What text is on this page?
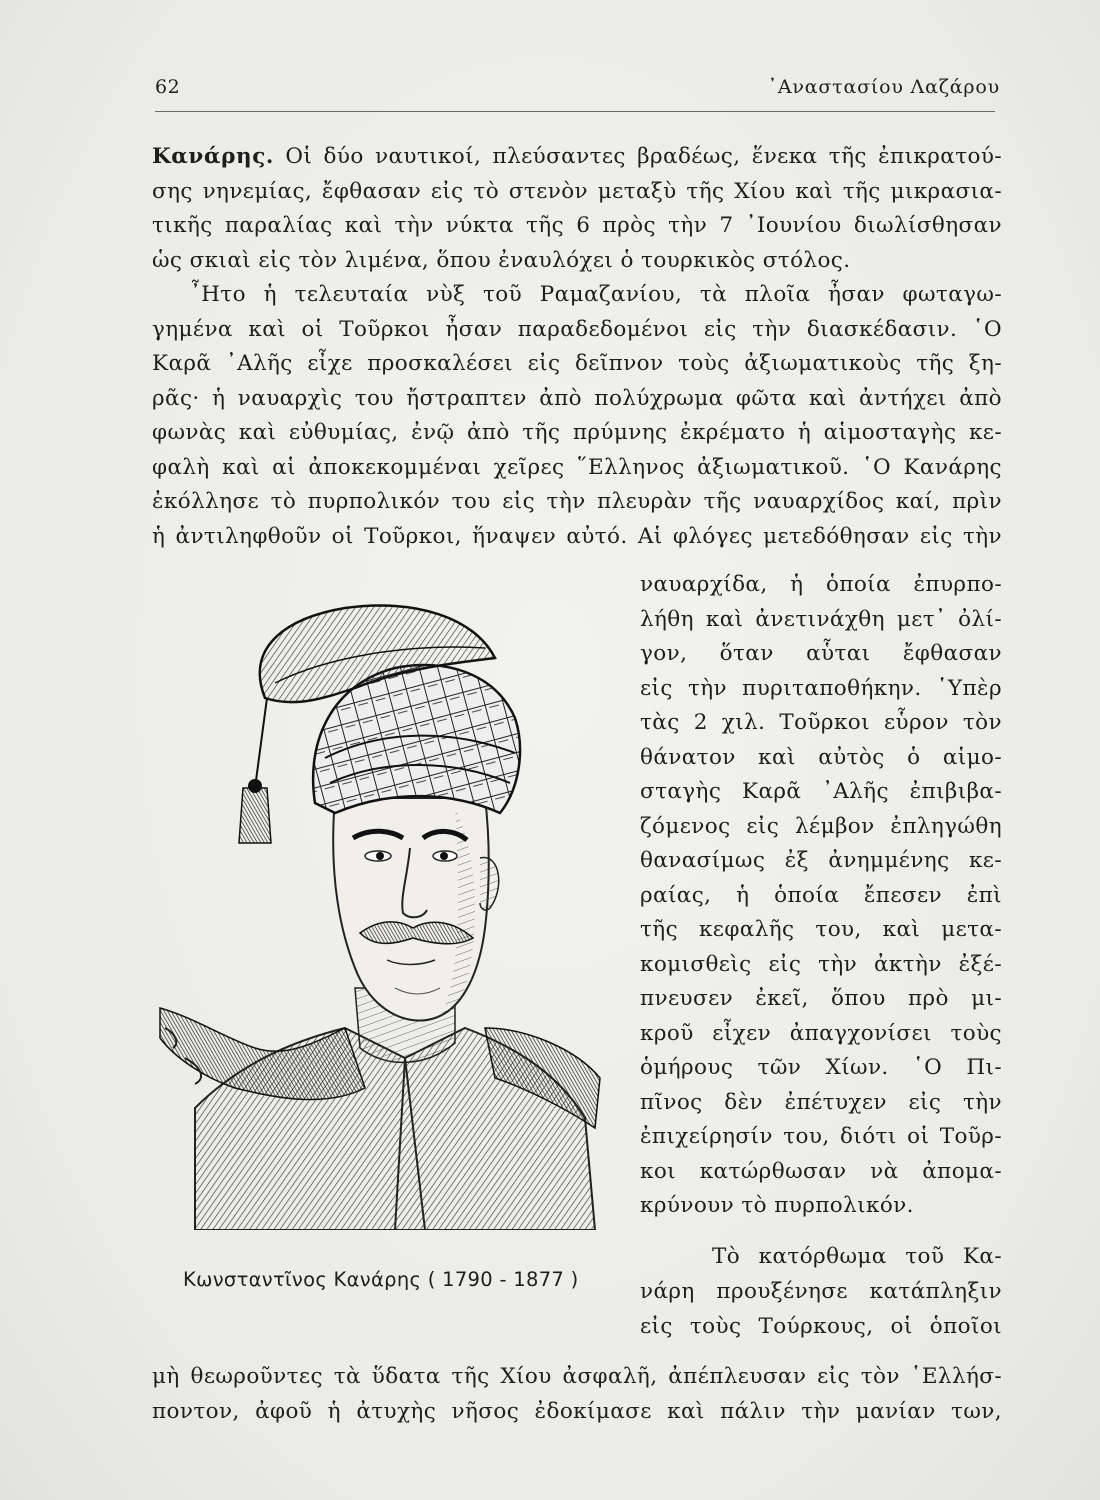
62	᾿Αναστασίου Λαζάρου
Κανάρης. Οἱ δύο ναυτικοί, πλεύσαντες βραδέως, ἕνεκα τῆς ἐπικρατού-
σης νηνεμίας, ἔφθασαν εἰς τὸ στενὸν μεταξὺ τῆς Χίου καὶ τῆς μικρασια-
τικῆς παραλίας καὶ τὴν νύκτα τῆς 6 πρὸς τὴν 7 ᾿Ιουνίου διωλίσθησαν
ὡς σκιαὶ εἰς τὸν λιμένα, ὅπου ἐναυλόχει ὁ τουρκικὸς στόλος.
῏Ητο ἡ τελευταία νὺξ τοῦ Ραμαζανίου, τὰ πλοῖα ἦσαν φωταγω-
γημένα καὶ οἱ Τοῦρκοι ἦσαν παραδεδομένοι εἰς τὴν διασκέδασιν. ῾Ο
Καρᾶ ᾿Αλῆς εἶχε προσκαλέσει εἰς δεῖπνον τοὺς ἀξιωματικοὺς τῆς ξη-
ρᾶς· ἡ ναυαρχὶς του ἤστραπτεν ἀπὸ πολύχρωμα φῶτα καὶ ἀντήχει ἀπὸ
φωνὰς καὶ εὐθυμίας, ἐνῷ ἀπὸ τῆς πρύμνης ἐκρέματο ἡ αἱμοσταγὴς κε-
φαλὴ καὶ αἱ ἀποκεκομμέναι χεῖρες ῞Ελληνος ἀξιωματικοῦ. ῾Ο Κανάρης
ἐκόλλησε τὸ πυρπολικόν του εἰς τὴν πλευρὰν τῆς ναυαρχίδος καί, πρὶν
ἡ ἀντιληφθοῦν οἱ Τοῦρκοι, ἥναψεν αὐτό. Αἱ φλόγες μετεδόθησαν εἰς τὴν
ναυαρχίδα, ἡ ὁποία ἐπυρπο-
λήθη καὶ ἀνετινάχθη μετ᾿ ὀλί-
γον, ὅταν αὗται ἔφθασαν
εἰς τὴν πυριταποθήκην. ῾Υπὲρ
τὰς 2 χιλ. Τοῦρκοι εὗρον τὸν
θάνατον καὶ αὐτὸς ὁ αἱμο-
σταγὴς Καρᾶ ᾿Αλῆς ἐπιβιβα-
ζόμενος εἰς λέμβον ἐπληγώθη
θανασίμως ἐξ ἀνημμένης κε-
ραίας, ἡ ὁποία ἔπεσεν ἐπὶ
τῆς κεφαλῆς του, καὶ μετα-
κομισθεὶς εἰς τὴν ἀκτὴν ἐξέ-
πνευσεν ἐκεῖ, ὅπου πρὸ μι-
κροῦ εἶχεν ἀπαγχονίσει τοὺς
ὁμήρους τῶν Χίων. ῾Ο Πι-
πῖνος δὲν ἐπέτυχεν εἰς τὴν
ἐπιχείρησίν του, διότι οἱ Τοῦρ-
κοι κατώρθωσαν νὰ ἀπομα-
κρύνουν τὸ πυρπολικόν.
Τὸ κατόρθωμα τοῦ Κα-
νάρη προυξένησε κατάπληξιν
εἰς τοὺς Τούρκους, οἱ ὁποῖοι
μὴ θεωροῦντες τὰ ὕδατα τῆς Χίου ἀσφαλῆ, ἀπέπλευσαν εἰς τὸν ῾Ελλήσ-
ποντον, ἀφοῦ ἡ ἀτυχὴς νῆσος ἐδοκίμασε καὶ πάλιν τὴν μανίαν των,
Κωνσταντῖνος Κανάρης ( 1790 - 1877 )
